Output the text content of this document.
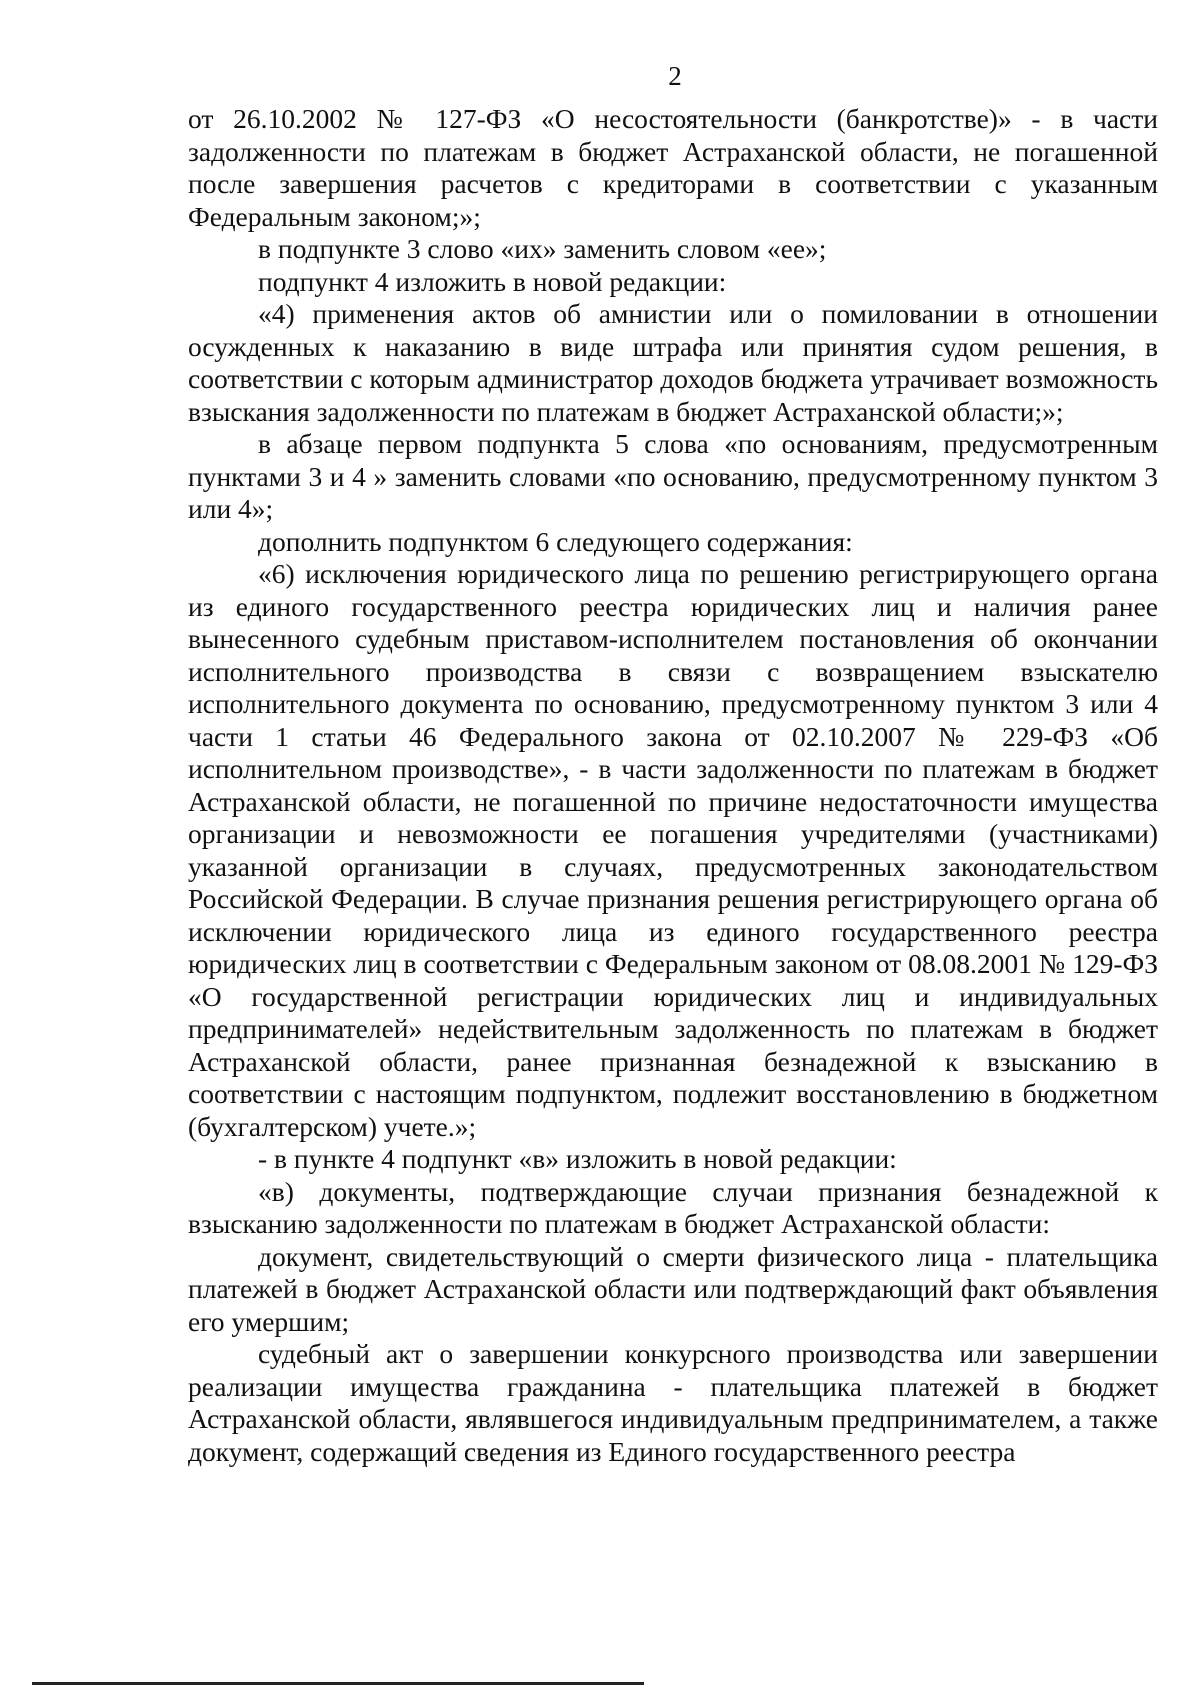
2

от 26.10.2002 № 127-ФЗ «О несостоятельности (банкротстве)» - в части задолженности по платежам в бюджет Астраханской области, не погашенной после завершения расчетов с кредиторами в соответствии с указанным Федеральным законом;»;

в подпункте 3 слово «их» заменить словом «ее»;

подпункт 4 изложить в новой редакции:

«4) применения актов об амнистии или о помиловании в отношении осужденных к наказанию в виде штрафа или принятия судом решения, в соответствии с которым администратор доходов бюджета утрачивает возможность взыскания задолженности по платежам в бюджет Астраханской области;»;

в абзаце первом подпункта 5 слова «по основаниям, предусмотренным пунктами 3 и 4 » заменить словами «по основанию, предусмотренному пунктом 3 или 4»;

дополнить подпунктом 6 следующего содержания:

«6) исключения юридического лица по решению регистрирующего органа из единого государственного реестра юридических лиц и наличия ранее вынесенного судебным приставом-исполнителем постановления об окончании исполнительного производства в связи с возвращением взыскателю исполнительного документа по основанию, предусмотренному пунктом 3 или 4 части 1 статьи 46 Федерального закона от 02.10.2007 № 229-ФЗ «Об исполнительном производстве», - в части задолженности по платежам в бюджет Астраханской области, не погашенной по причине недостаточности имущества организации и невозможности ее погашения учредителями (участниками) указанной организации в случаях, предусмотренных законодательством Российской Федерации. В случае признания решения регистрирующего органа об исключении юридического лица из единого государственного реестра юридических лиц в соответствии с Федеральным законом от 08.08.2001 № 129-ФЗ «О государственной регистрации юридических лиц и индивидуальных предпринимателей» недействительным задолженность по платежам в бюджет Астраханской области, ранее признанная безнадежной к взысканию в соответствии с настоящим подпунктом, подлежит восстановлению в бюджетном (бухгалтерском) учете.»;

- в пункте 4 подпункт «в» изложить в новой редакции:

«в) документы, подтверждающие случаи признания безнадежной к взысканию задолженности по платежам в бюджет Астраханской области:

документ, свидетельствующий о смерти физического лица - плательщика платежей в бюджет Астраханской области или подтверждающий факт объявления его умершим;

судебный акт о завершении конкурсного производства или завершении реализации имущества гражданина - плательщика платежей в бюджет Астраханской области, являвшегося индивидуальным предпринимателем, а также документ, содержащий сведения из Единого государственного реестра
